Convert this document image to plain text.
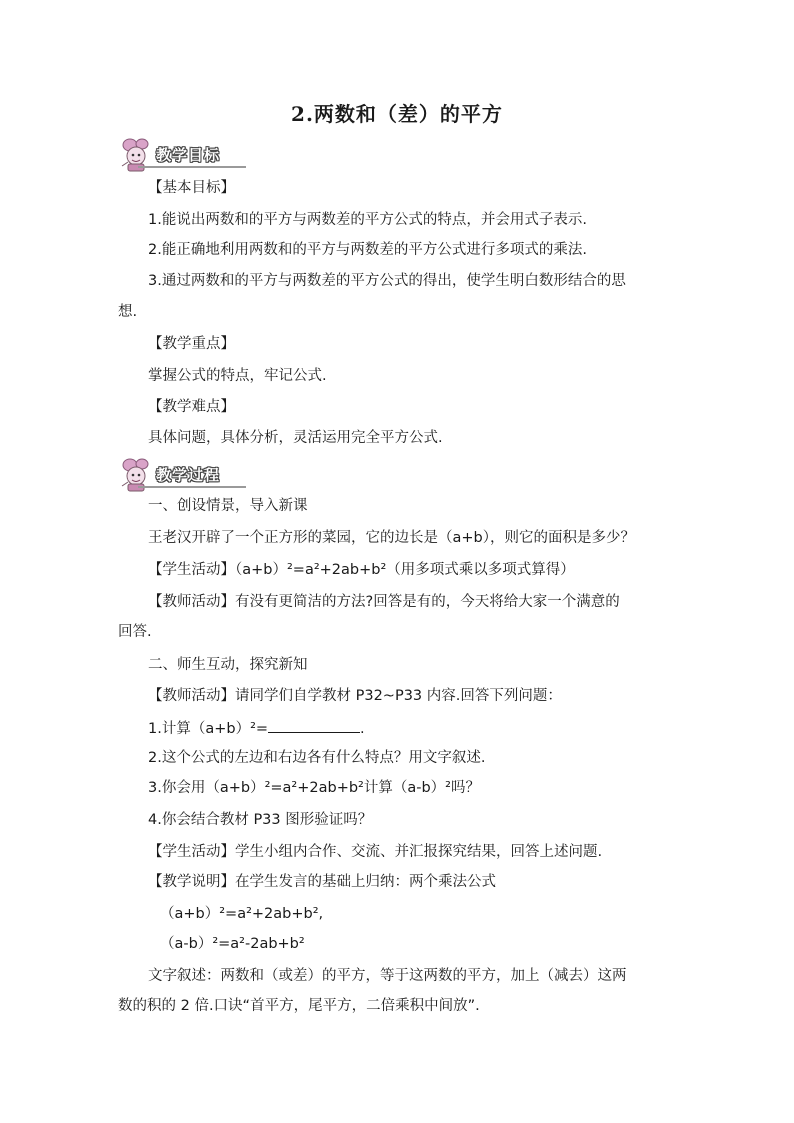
2.两数和（差）的平方
教学目标
【基本目标】
1.能说出两数和的平方与两数差的平方公式的特点，并会用式子表示.
2.能正确地利用两数和的平方与两数差的平方公式进行多项式的乘法.
3.通过两数和的平方与两数差的平方公式的得出，使学生明白数形结合的思
想.
【教学重点】
掌握公式的特点，牢记公式.
【教学难点】
具体问题，具体分析，灵活运用完全平方公式.
教学过程
一、创设情景，导入新课
王老汉开辟了一个正方形的菜园，它的边长是（a+b），则它的面积是多少？
【学生活动】（a+b）²=a²+2ab+b²（用多项式乘以多项式算得）
【教师活动】有没有更简洁的方法?回答是有的，今天将给大家一个满意的
回答.
二、师生互动，探究新知
【教师活动】请同学们自学教材 P32~P33 内容.回答下列问题：
1.计算（a+b）²=	.
2.这个公式的左边和右边各有什么特点？用文字叙述.
3.你会用（a+b）²=a²+2ab+b²计算（a-b）²吗？
4.你会结合教材 P33 图形验证吗？
【学生活动】学生小组内合作、交流、并汇报探究结果，回答上述问题.
【教学说明】在学生发言的基础上归纳：两个乘法公式
（a+b）²=a²+2ab+b²,
（a-b）²=a²-2ab+b²
文字叙述：两数和（或差）的平方，等于这两数的平方，加上（减去）这两
数的积的 2 倍.口诀“首平方，尾平方，二倍乘积中间放”.
